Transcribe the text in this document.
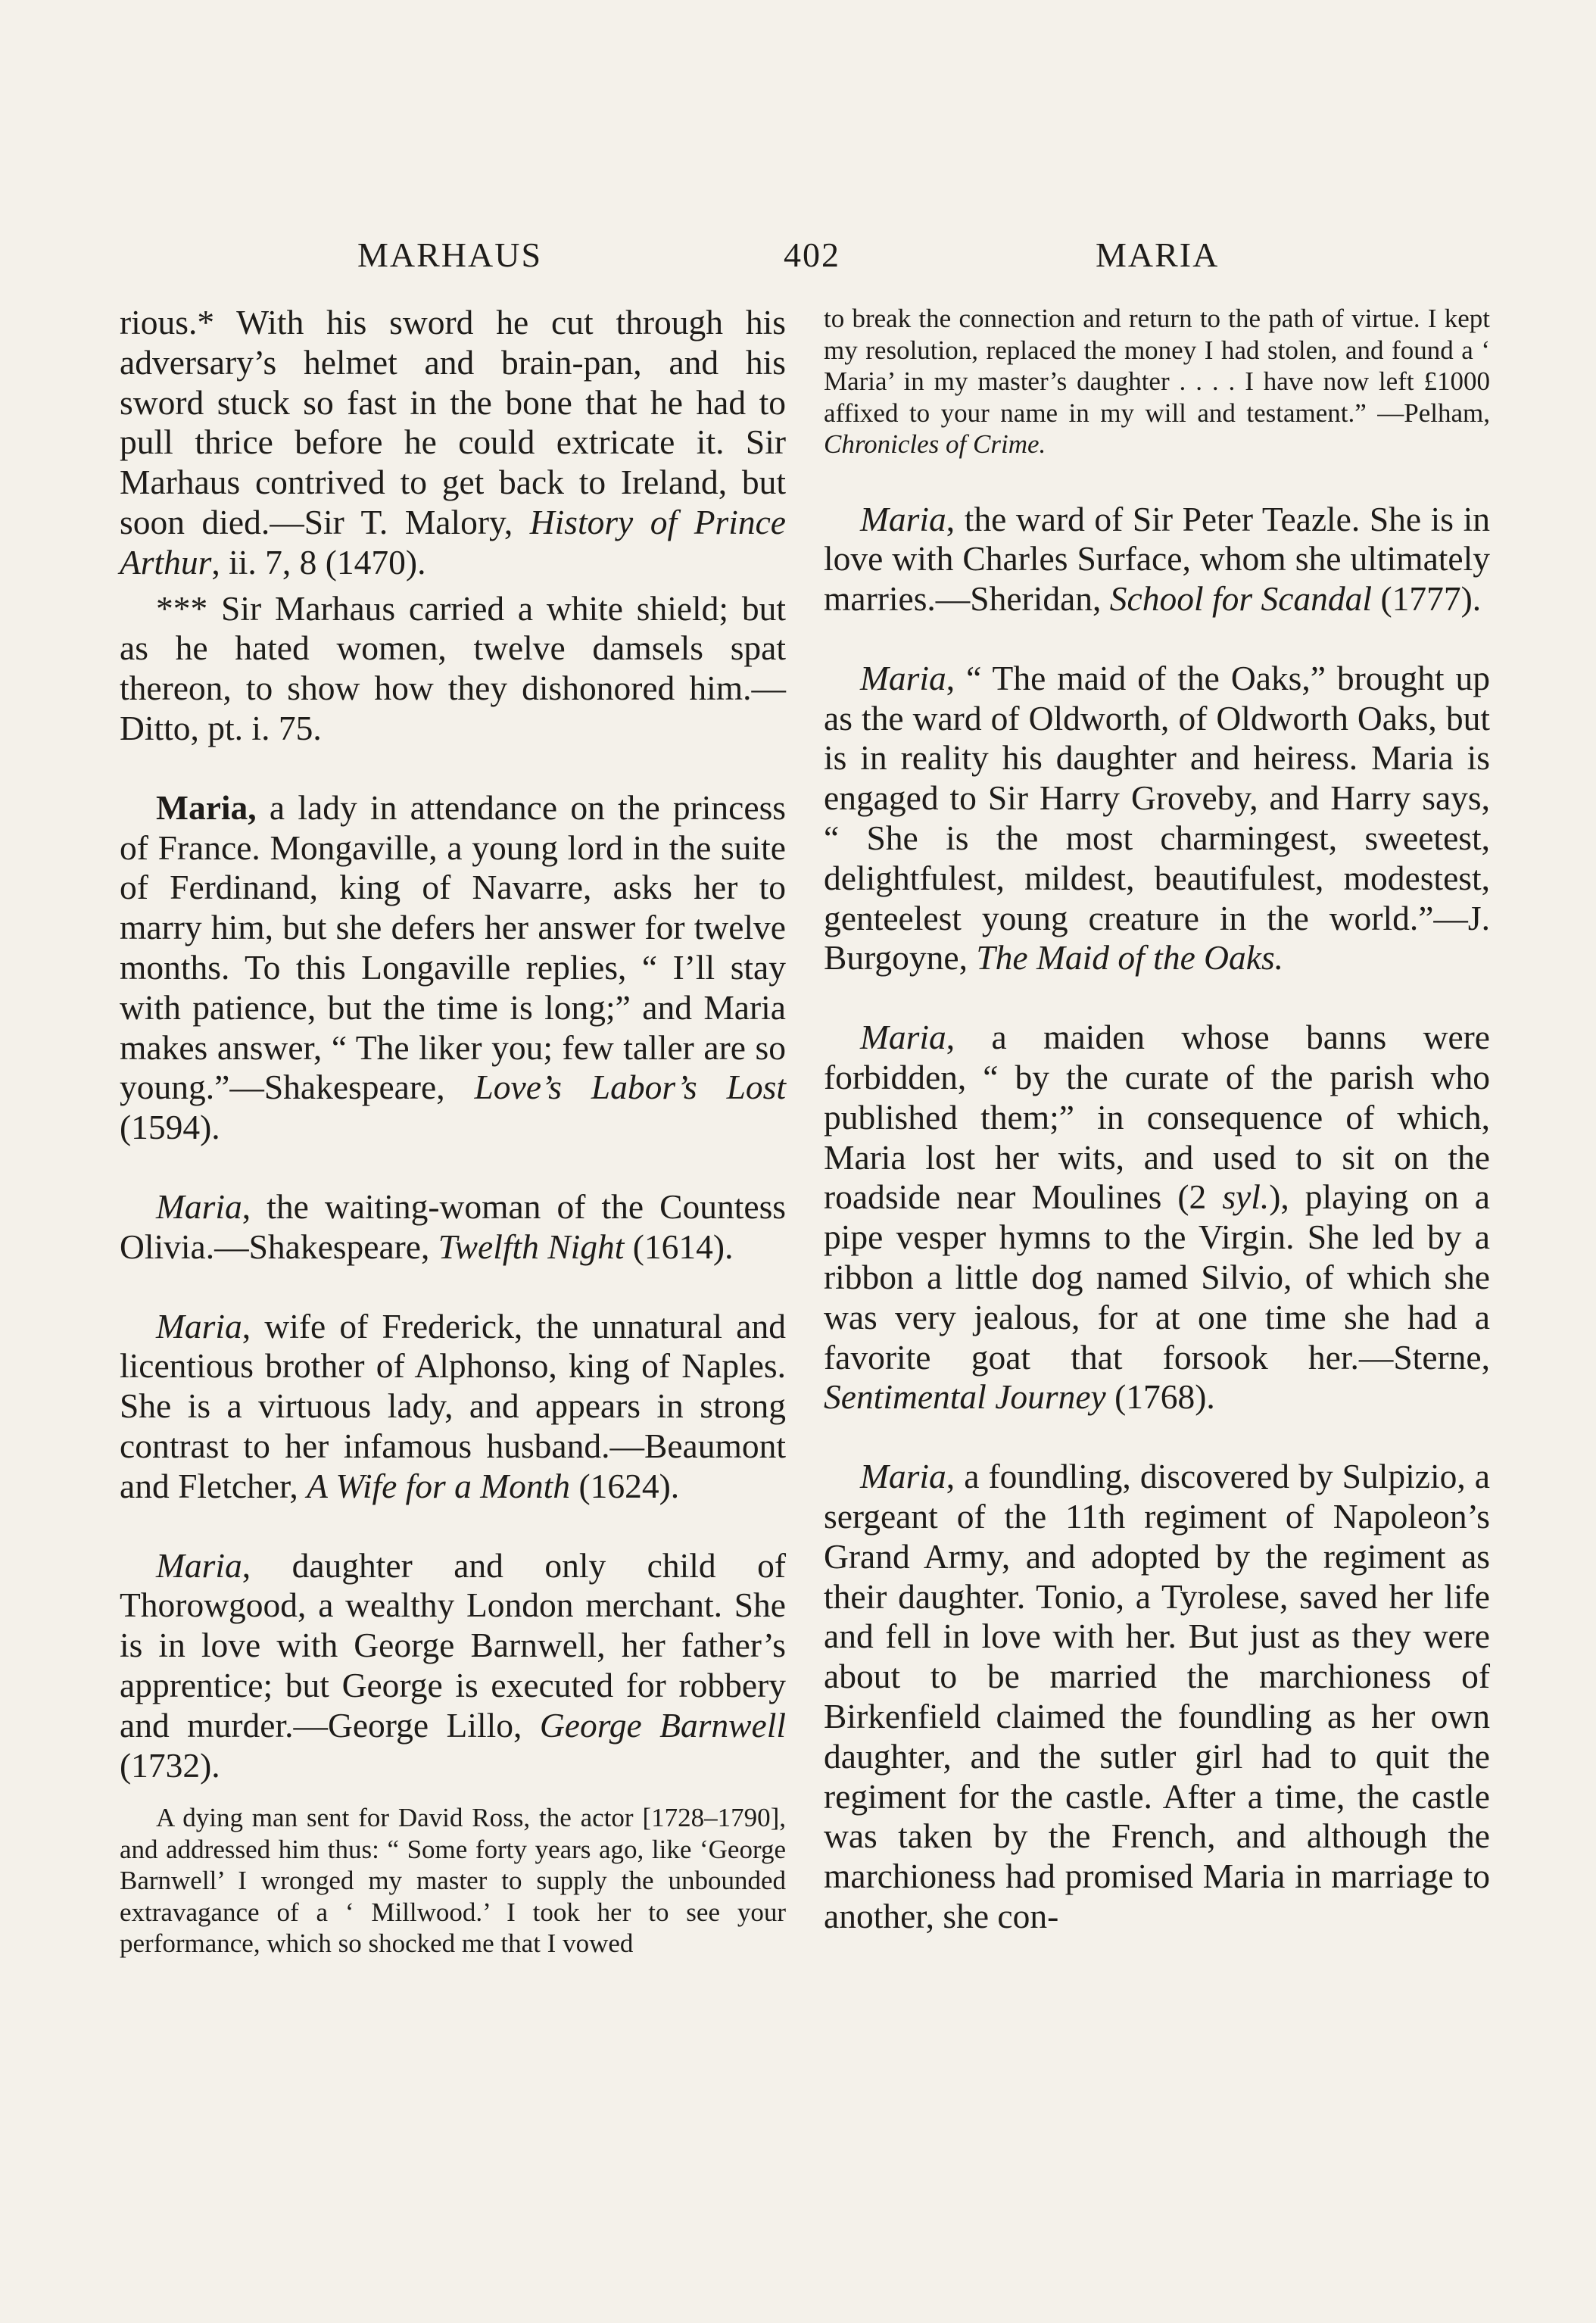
MARHAUS	402	MARIA

rious.* With his sword he cut through his adversary’s helmet and brain-pan, and his sword stuck so fast in the bone that he had to pull thrice before he could extricate it. Sir Marhaus contrived to get back to Ireland, but soon died.—Sir T. Malory, History of Prince Arthur, ii. 7, 8 (1470).

*** Sir Marhaus carried a white shield; but as he hated women, twelve damsels spat thereon, to show how they dishonored him.—Ditto, pt. i. 75.

Maria, a lady in attendance on the princess of France. Mongaville, a young lord in the suite of Ferdinand, king of Navarre, asks her to marry him, but she defers her answer for twelve months. To this Longaville replies, “ I’ll stay with patience, but the time is long;” and Maria makes answer, “ The liker you; few taller are so young.”—Shakespeare, Love’s Labor’s Lost (1594).

Maria, the waiting-woman of the Countess Olivia.—Shakespeare, Twelfth Night (1614).

Maria, wife of Frederick, the unnatural and licentious brother of Alphonso, king of Naples. She is a virtuous lady, and appears in strong contrast to her infamous husband.—Beaumont and Fletcher, A Wife for a Month (1624).

Maria, daughter and only child of Thorowgood, a wealthy London merchant. She is in love with George Barnwell, her father’s apprentice; but George is executed for robbery and murder.—George Lillo, George Barnwell (1732).

A dying man sent for David Ross, the actor [1728–1790], and addressed him thus: “ Some forty years ago, like ‘George Barnwell’ I wronged my master to supply the unbounded extravagance of a ‘ Millwood.’ I took her to see your performance, which so shocked me that I vowed

to break the connection and return to the path of virtue. I kept my resolution, replaced the money I had stolen, and found a ‘ Maria’ in my master’s daughter . . . . I have now left £1000 affixed to your name in my will and testament.” —Pelham, Chronicles of Crime.

Maria, the ward of Sir Peter Teazle. She is in love with Charles Surface, whom she ultimately marries.—Sheridan, School for Scandal (1777).

Maria, “ The maid of the Oaks,” brought up as the ward of Oldworth, of Oldworth Oaks, but is in reality his daughter and heiress. Maria is engaged to Sir Harry Groveby, and Harry says, “ She is the most charmingest, sweetest, delightfulest, mildest, beautifulest, modestest, genteelest young creature in the world.”—J. Burgoyne, The Maid of the Oaks.

Maria, a maiden whose banns were forbidden, “ by the curate of the parish who published them;” in consequence of which, Maria lost her wits, and used to sit on the roadside near Moulines (2 syl.), playing on a pipe vesper hymns to the Virgin. She led by a ribbon a little dog named Silvio, of which she was very jealous, for at one time she had a favorite goat that forsook her.—Sterne, Sentimental Journey (1768).

Maria, a foundling, discovered by Sulpizio, a sergeant of the 11th regiment of Napoleon’s Grand Army, and adopted by the regiment as their daughter. Tonio, a Tyrolese, saved her life and fell in love with her. But just as they were about to be married the marchioness of Birkenfield claimed the foundling as her own daughter, and the sutler girl had to quit the regiment for the castle. After a time, the castle was taken by the French, and although the marchioness had promised Maria in marriage to another, she con-
